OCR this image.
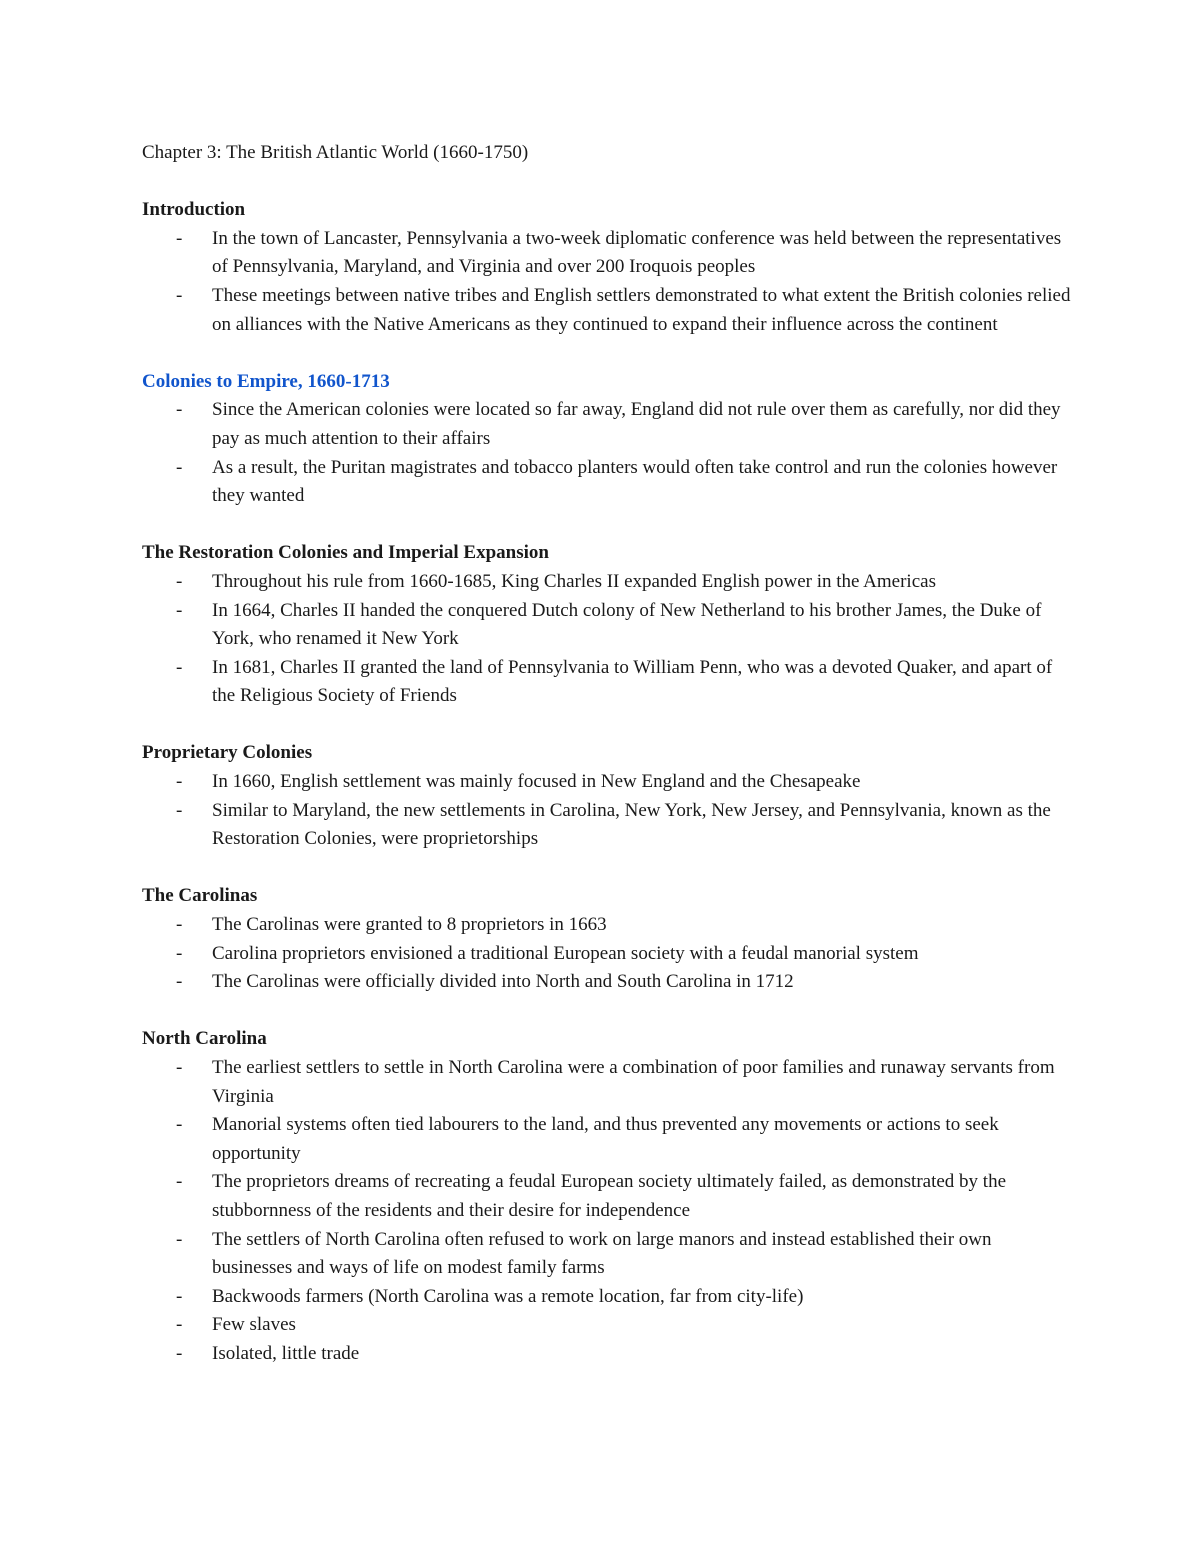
Chapter 3: The British Atlantic World (1660-1750)
Introduction
- In the town of Lancaster, Pennsylvania a two-week diplomatic conference was held between the representatives of Pennsylvania, Maryland, and Virginia and over 200 Iroquois peoples
- These meetings between native tribes and English settlers demonstrated to what extent the British colonies relied on alliances with the Native Americans as they continued to expand their influence across the continent
Colonies to Empire, 1660-1713
- Since the American colonies were located so far away, England did not rule over them as carefully, nor did they pay as much attention to their affairs
- As a result, the Puritan magistrates and tobacco planters would often take control and run the colonies however they wanted
The Restoration Colonies and Imperial Expansion
- Throughout his rule from 1660-1685, King Charles II expanded English power in the Americas
- In 1664, Charles II handed the conquered Dutch colony of New Netherland to his brother James, the Duke of York, who renamed it New York
- In 1681, Charles II granted the land of Pennsylvania to William Penn, who was a devoted Quaker, and apart of the Religious Society of Friends
Proprietary Colonies
- In 1660, English settlement was mainly focused in New England and the Chesapeake
- Similar to Maryland, the new settlements in Carolina, New York, New Jersey, and Pennsylvania, known as the Restoration Colonies, were proprietorships
The Carolinas
- The Carolinas were granted to 8 proprietors in 1663
- Carolina proprietors envisioned a traditional European society with a feudal manorial system
- The Carolinas were officially divided into North and South Carolina in 1712
North Carolina
- The earliest settlers to settle in North Carolina were a combination of poor families and runaway servants from Virginia
- Manorial systems often tied labourers to the land, and thus prevented any movements or actions to seek opportunity
- The proprietors dreams of recreating a feudal European society ultimately failed, as demonstrated by the stubbornness of the residents and their desire for independence
- The settlers of North Carolina often refused to work on large manors and instead established their own businesses and ways of life on modest family farms
- Backwoods farmers (North Carolina was a remote location, far from city-life)
- Few slaves
- Isolated, little trade
